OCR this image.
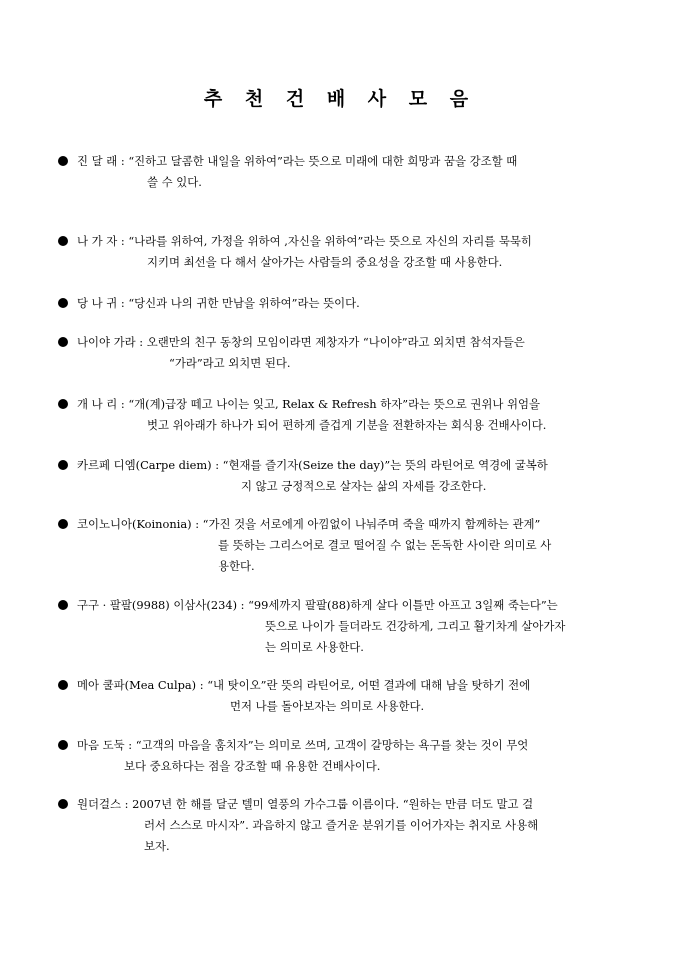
추 천 건 배 사 모 음
진 달 래 : “진하고 달콤한 내일을 위하여”라는 뜻으로 미래에 대한 희망과 꿈을 강조할 때
쓸 수 있다.
나 가 자 : “나라를 위하여, 가정을 위하여 ,자신을 위하여”라는 뜻으로 자신의 자리를 묵묵히
지키며 최선을 다 해서 살아가는 사람들의 중요성을 강조할 때 사용한다.
당 나 귀 : “당신과 나의 귀한 만남을 위하여”라는 뜻이다.
나이야 가라 : 오랜만의 친구 동창의 모임이라면 제창자가 “나이야”라고 외치면 참석자들은
“가라”라고 외치면 된다.
개 나 리 : “개(계)급장 떼고 나이는 잊고, Relax & Refresh 하자”라는 뜻으로 권위나 위엄을
벗고 위아래가 하나가 되어 편하게 즐겁게 기분을 전환하자는 회식용 건배사이다.
카르페 디엠(Carpe diem) : “현재를 즐기자(Seize the day)”는 뜻의 라틴어로 역경에 굴복하
지 않고 긍정적으로 살자는 삶의 자세를 강조한다.
코이노니아(Koinonia) : “가진 것을 서로에게 아낌없이 나눠주며 죽을 때까지 함께하는 관계”
를 뜻하는 그리스어로 결코 떨어질 수 없는 돈독한 사이란 의미로 사
용한다.
구구 · 팔팔(9988) 이삼사(234) : “99세까지 팔팔(88)하게 살다 이틀만 아프고 3일째 죽는다”는
뜻으로 나이가 들더라도 건강하게, 그리고 활기차게 살아가자
는 의미로 사용한다.
메아 쿨파(Mea Culpa) : “내 탓이오”란 뜻의 라틴어로, 어떤 결과에 대해 남을 탓하기 전에
먼저 나를 돌아보자는 의미로 사용한다.
마음 도둑 : “고객의 마음을 훔치자”는 의미로 쓰며, 고객이 갈망하는 욕구를 찾는 것이 무엇
보다 중요하다는 점을 강조할 때 유용한 건배사이다.
원더걸스 : 2007년 한 해를 달군 텔미 열풍의 가수그룹 이름이다. “원하는 만큼 더도 말고 걸
러서 스스로 마시자”. 과음하지 않고 즐거운 분위기를 이어가자는 취지로 사용해
보자.
